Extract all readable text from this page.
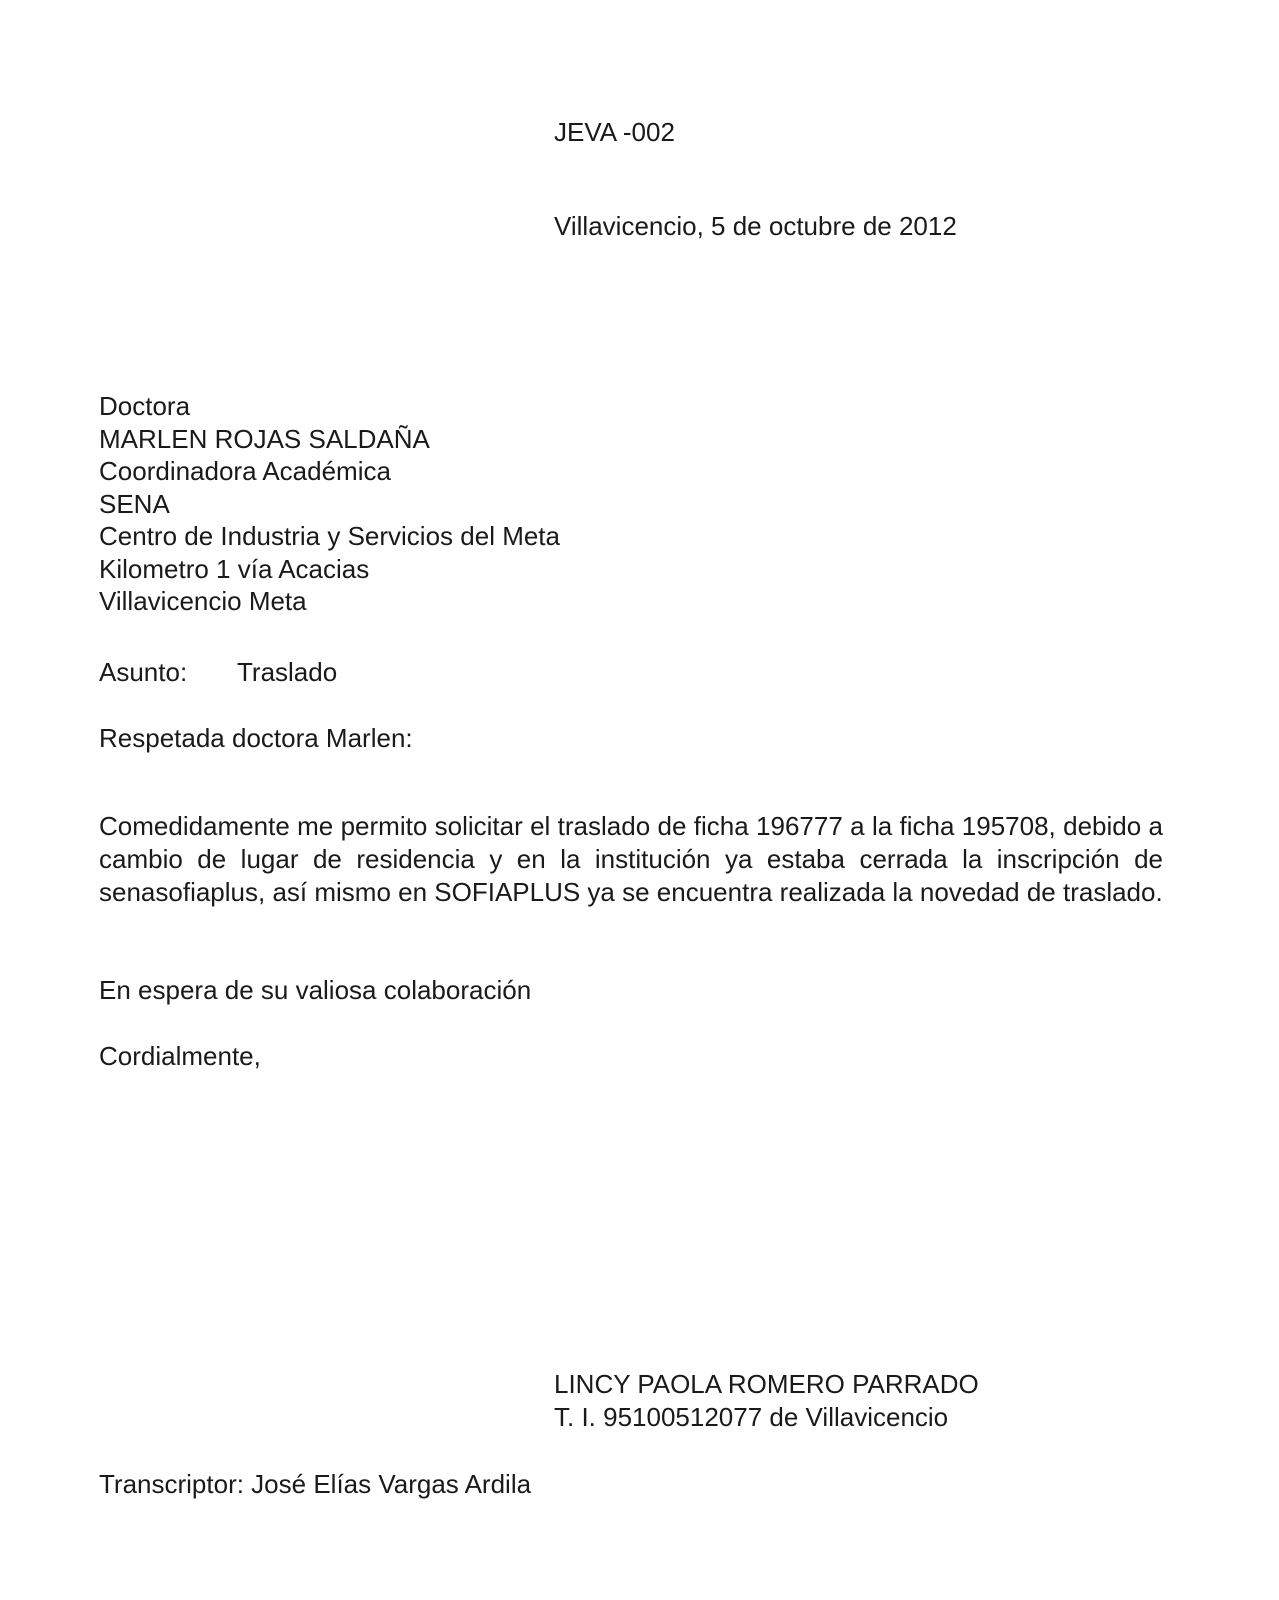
JEVA -002
Villavicencio, 5 de octubre de 2012
Doctora
MARLEN ROJAS SALDAÑA
Coordinadora Académica
SENA
Centro de Industria y Servicios del Meta
Kilometro 1 vía Acacias
Villavicencio Meta
Asunto: Traslado
Respetada doctora Marlen:
Comedidamente me permito solicitar el traslado de ficha 196777 a la ficha 195708, debido a cambio de lugar de residencia y en la institución ya estaba cerrada la inscripción de senasofiaplus, así mismo en SOFIAPLUS ya se encuentra realizada la novedad de traslado.
En espera de su valiosa colaboración
Cordialmente,
LINCY PAOLA ROMERO PARRADO
T. I. 95100512077 de Villavicencio
Transcriptor: José Elías Vargas Ardila
